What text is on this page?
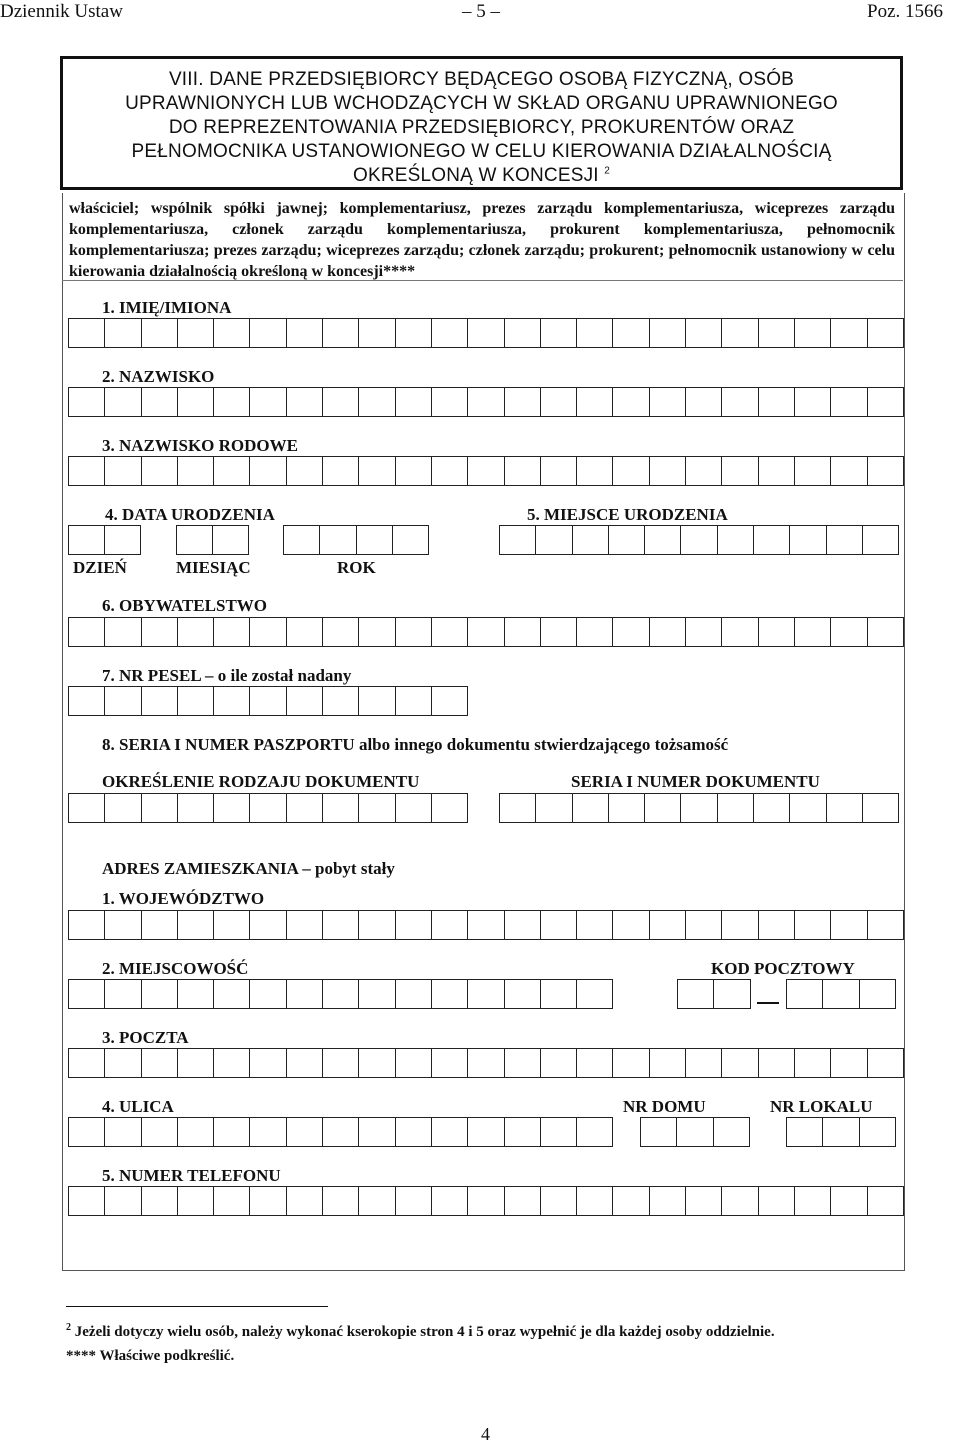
Dziennik Ustaw	– 5 –	Poz. 1566
VIII. DANE PRZEDSIĘBIORCY BĘDĄCEGO OSOBĄ FIZYCZNĄ, OSÓB
UPRAWNIONYCH LUB WCHODZĄCYCH W SKŁAD ORGANU UPRAWNIONEGO
DO REPREZENTOWANIA PRZEDSIĘBIORCY, PROKURENTÓW ORAZ
PEŁNOMOCNIKA USTANOWIONEGO W CELU KIEROWANIA DZIAŁALNOŚCIĄ
OKREŚLONĄ W KONCESJI $^2$
właściciel; wspólnik spółki jawnej; komplementariusz, prezes zarządu komplementariusza, wiceprezes zarządu komplementariusza, członek zarządu komplementariusza, prokurent komplementariusza, pełnomocnik komplementariusza; prezes zarządu; wiceprezes zarządu; członek zarządu; prokurent; pełnomocnik ustanowiony w celu kierowania działalnością określoną w koncesji****
1. IMIĘ/IMIONA
2. NAZWISKO
3. NAZWISKO RODOWE
4. DATA URODZENIA	5. MIEJSCE URODZENIA
DZIEŃ	MIESIĄC	ROK
6. OBYWATELSTWO
7. NR PESEL – o ile został nadany
8. SERIA I NUMER PASZPORTU albo innego dokumentu stwierdzającego tożsamość
OKREŚLENIE RODZAJU DOKUMENTU	SERIA I NUMER DOKUMENTU
ADRES ZAMIESZKANIA – pobyt stały
1. WOJEWÓDZTWO
2. MIEJSCOWOŚĆ	KOD POCZTOWY
3. POCZTA
4. ULICA	NR DOMU	NR LOKALU
5. NUMER TELEFONU
$^2$ Jeżeli dotyczy wielu osób, należy wykonać kserokopie stron 4 i 5 oraz wypełnić je dla każdej osoby oddzielnie.
**** Właściwe podkreślić.
4
